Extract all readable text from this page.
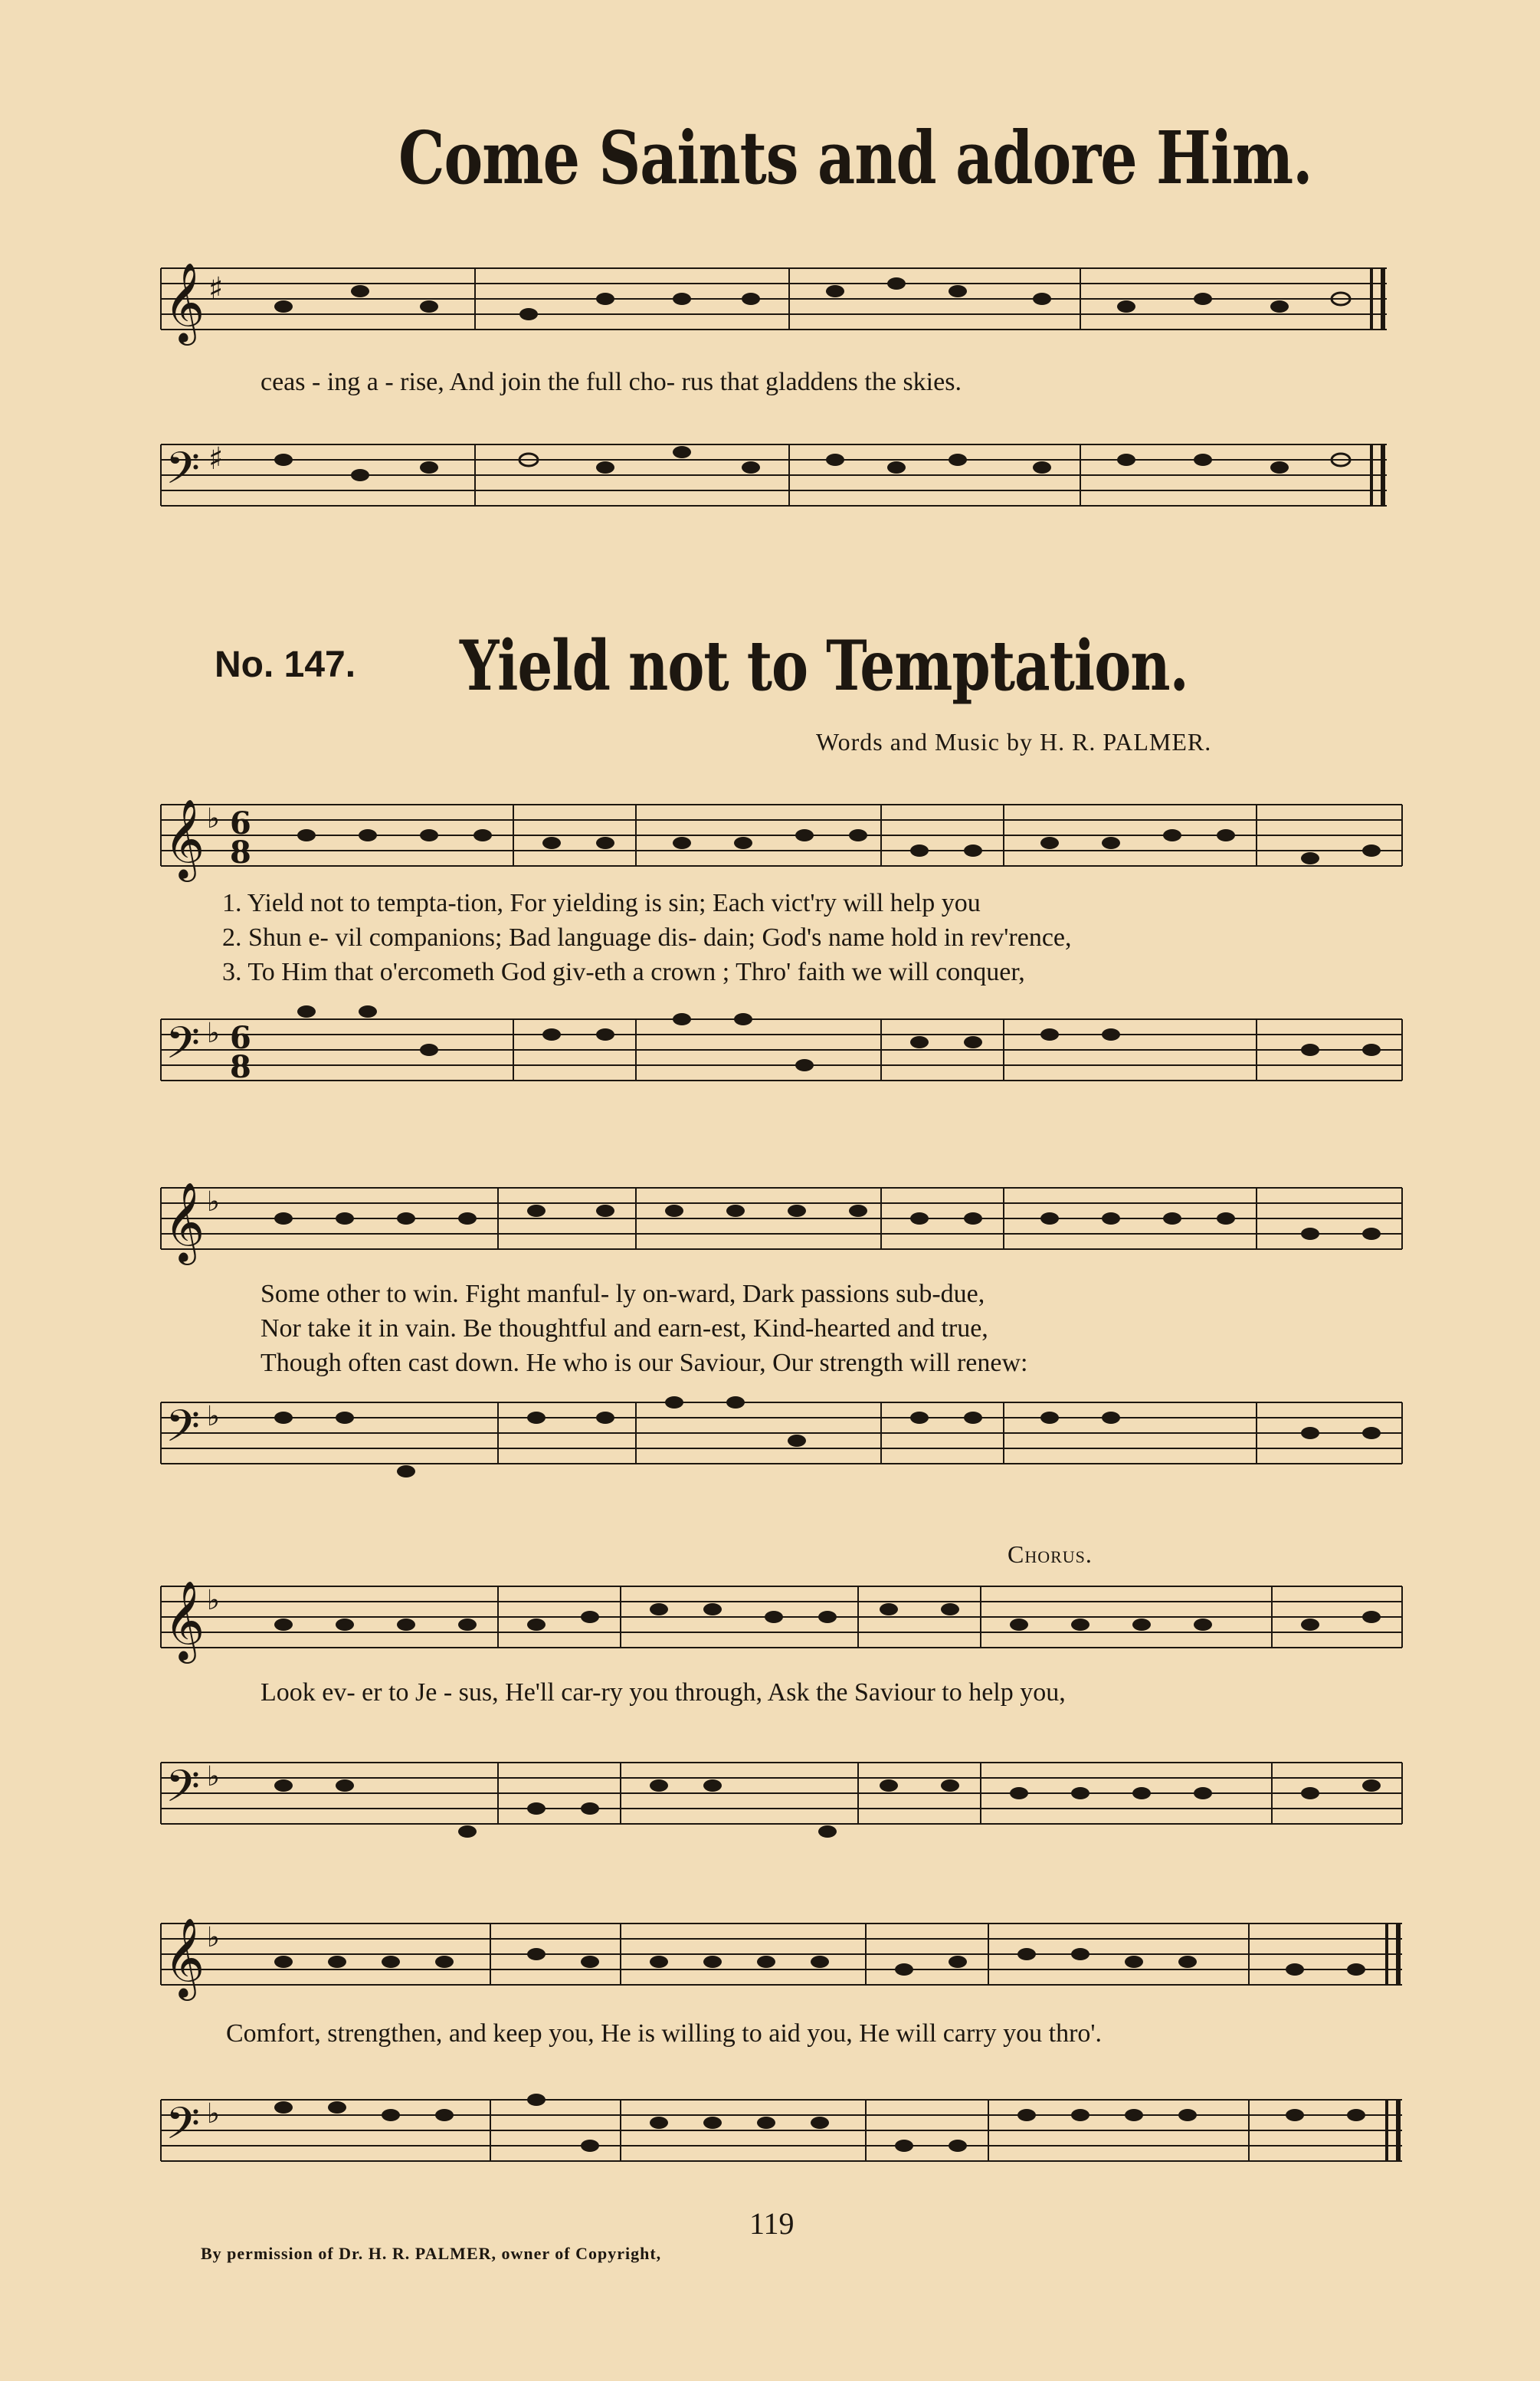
Come Saints and adore Him.
𝄞 ♯
ceas - ing a - rise, And join the full cho- rus that gladdens the skies.
𝄢 ♯
No. 147. Yield not to Temptation.
Words and Music by H. R. PALMER.
𝄞 ♭ 6
8
1. Yield not to tempta-tion, For yielding is sin; Each vict'ry will help you
2. Shun e- vil companions; Bad language dis- dain; God's name hold in rev'rence,
3. To Him that o'ercometh God giv-eth a crown ; Thro' faith we will conquer,
𝄢 ♭ 6
8
𝄞 ♭
Some other to win. Fight manful- ly on-ward, Dark passions sub-due,
Nor take it in vain. Be thoughtful and earn-est, Kind-hearted and true,
Though often cast down. He who is our Saviour, Our strength will renew:
𝄢 ♭
Chorus.
𝄞 ♭
Look ev- er to Je - sus, He'll car-ry you through, Ask the Saviour to help you,
𝄢 ♭
𝄞 ♭
Comfort, strengthen, and keep you, He is willing to aid you, He will carry you thro'.
𝄢 ♭
119
By permission of Dr. H. R. PALMER, owner of Copyright,
